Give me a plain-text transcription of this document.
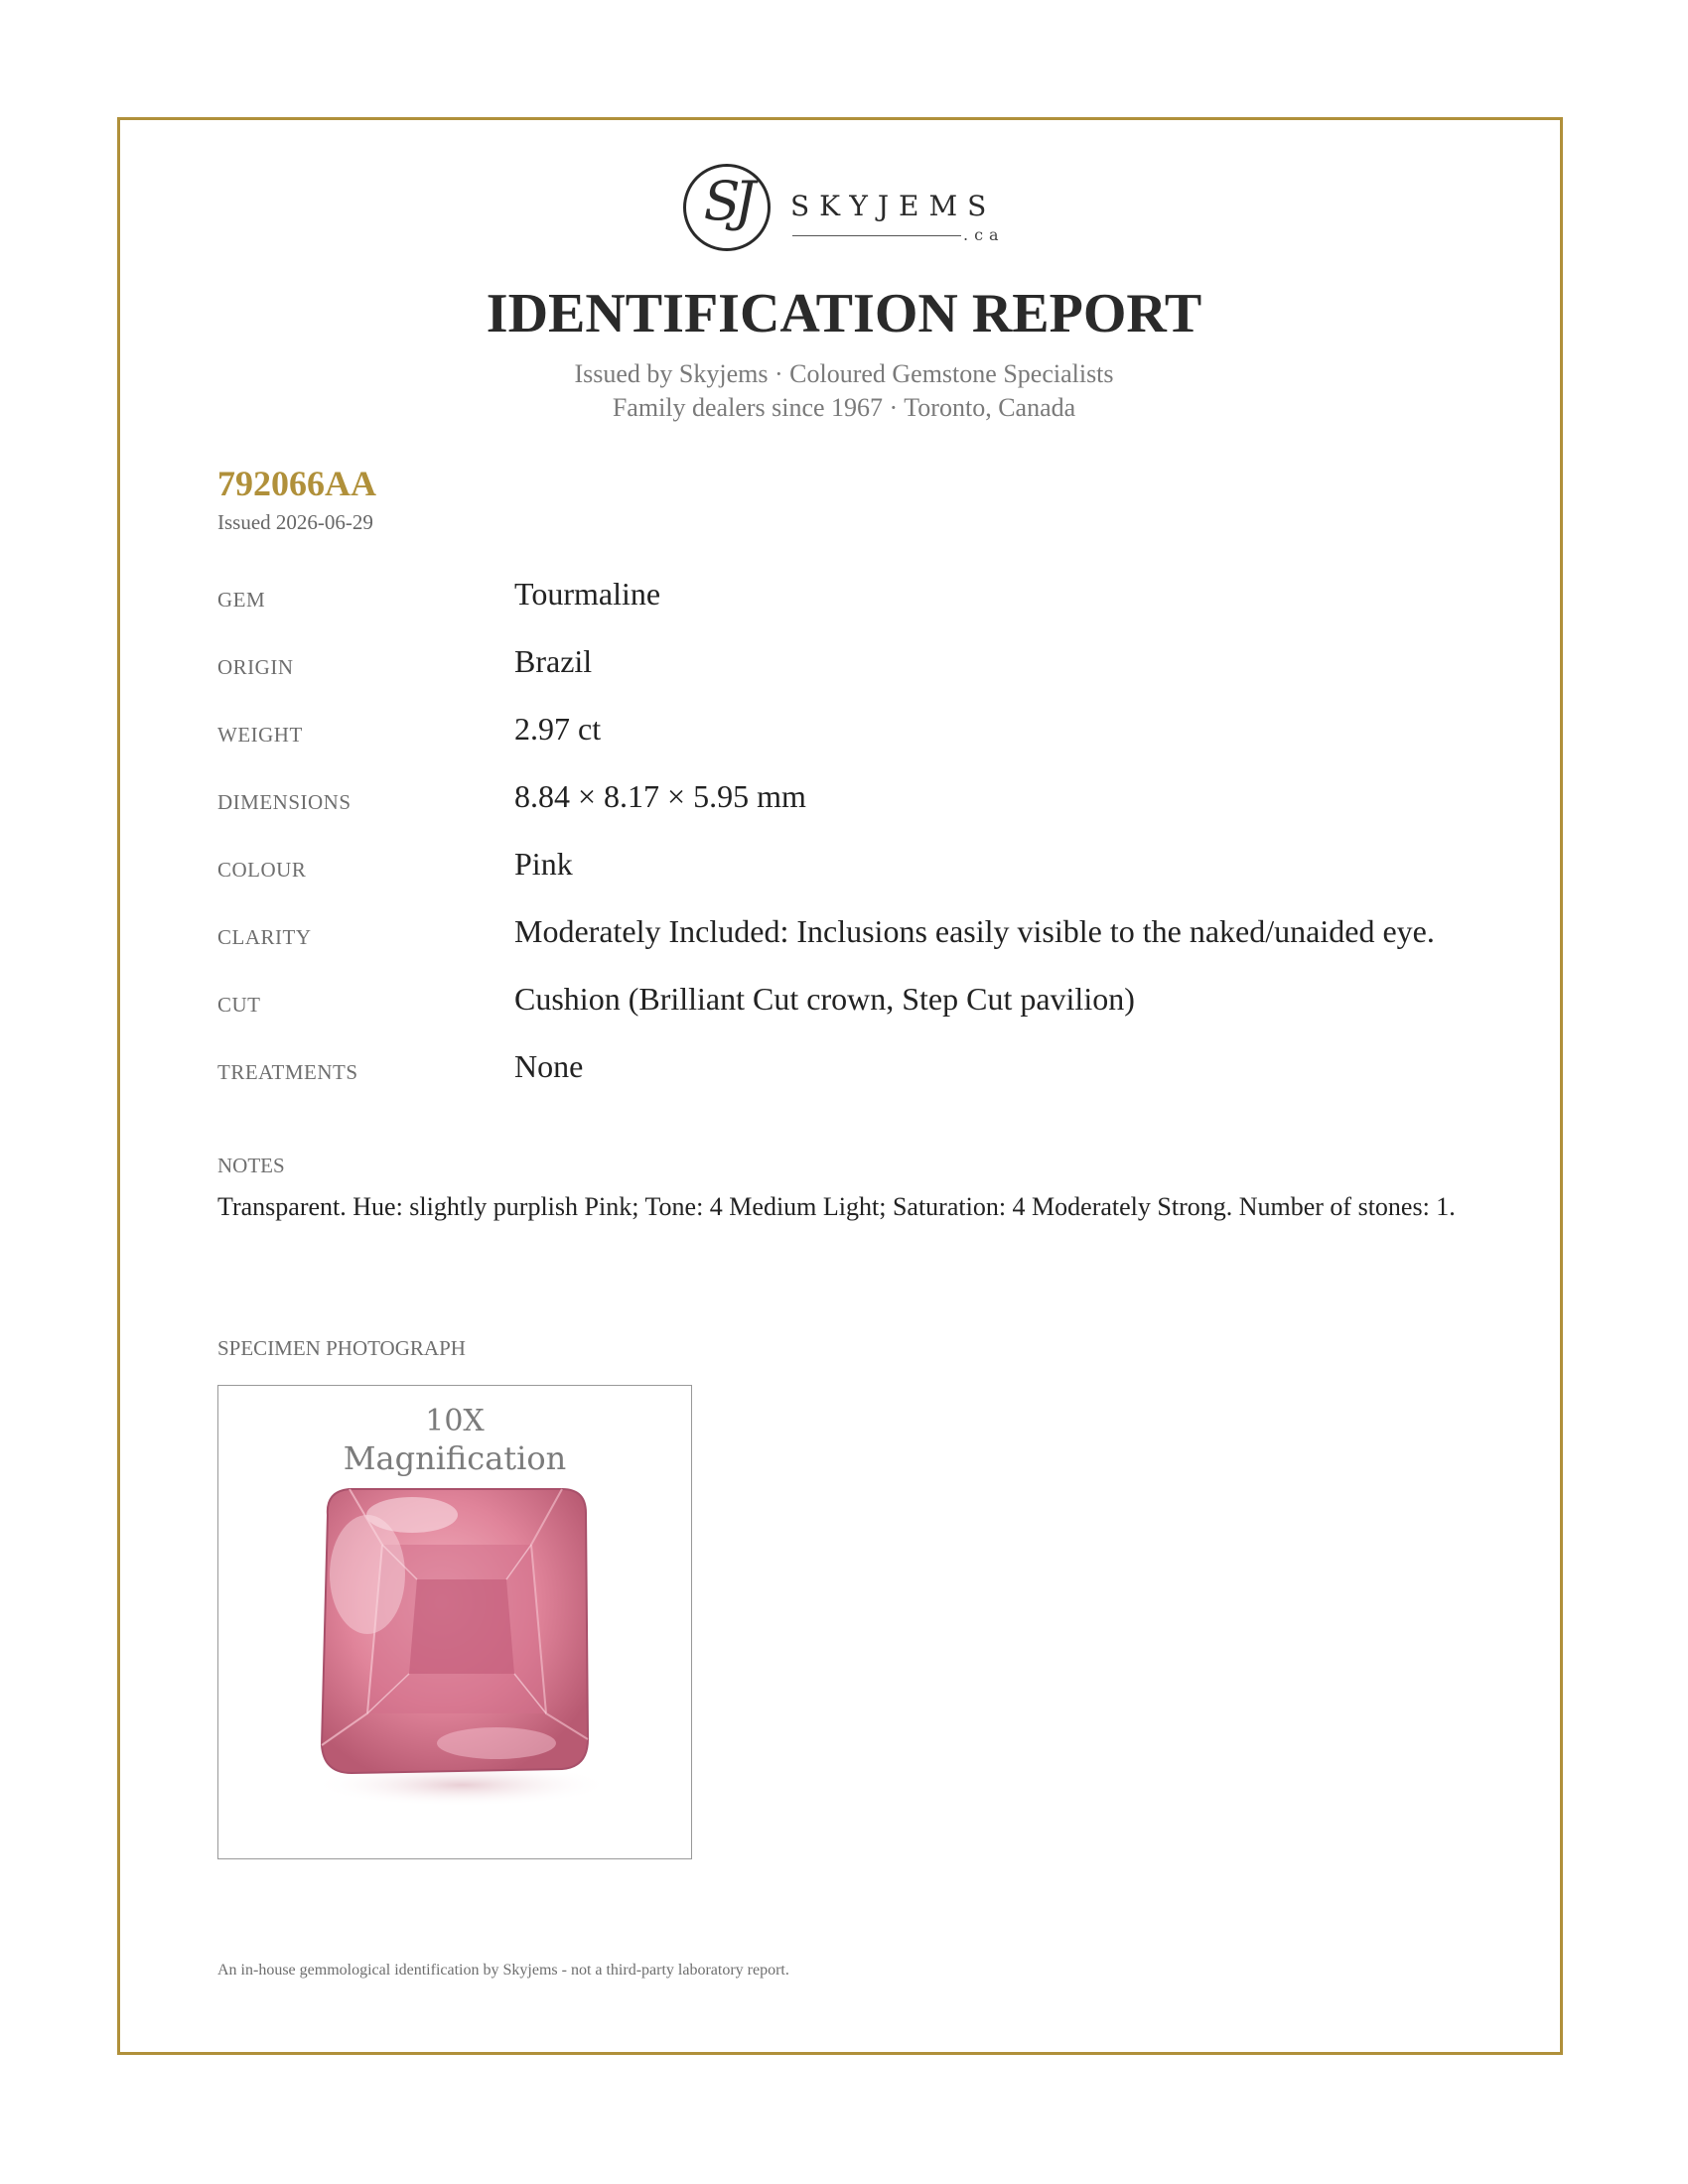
SJ	SKYJEMS
.ca
IDENTIFICATION REPORT
Issued by Skyjems · Coloured Gemstone Specialists
Family dealers since 1967 · Toronto, Canada
792066AA
Issued 2026-06-29
GEM	Tourmaline
ORIGIN	Brazil
WEIGHT	2.97 ct
DIMENSIONS	8.84 × 8.17 × 5.95 mm
COLOUR	Pink
CLARITY	Moderately Included: Inclusions easily visible to the naked/unaided eye.
CUT	Cushion (Brilliant Cut crown, Step Cut pavilion)
TREATMENTS	None
NOTES
Transparent. Hue: slightly purplish Pink; Tone: 4 Medium Light; Saturation: 4 Moderately Strong. Number of stones: 1.
SPECIMEN PHOTOGRAPH
10X
Magnification
An in-house gemmological identification by Skyjems - not a third-party laboratory report.
